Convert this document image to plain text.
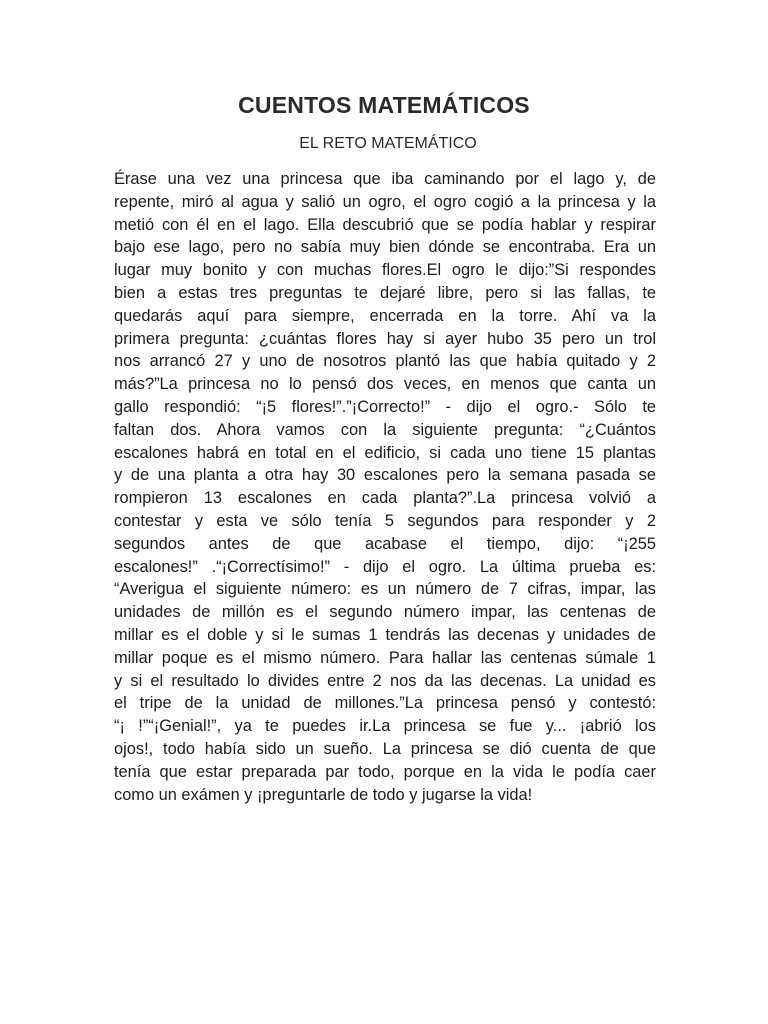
CUENTOS MATEMÁTICOS
EL RETO MATEMÁTICO
Érase una vez una princesa que iba caminando por el lago y, de
repente, miró al agua y salió un ogro, el ogro cogió a la princesa y la
metió con él en el lago. Ella descubrió que se podía hablar y respirar
bajo ese lago, pero no sabía muy bien dónde se encontraba. Era un
lugar muy bonito y con muchas flores.El ogro le dijo:”Si respondes
bien a estas tres preguntas te dejaré libre, pero si las fallas, te
quedarás aquí para siempre, encerrada en la torre. Ahí va la
primera pregunta: ¿cuántas flores hay si ayer hubo 35 pero un trol
nos arrancó 27 y uno de nosotros plantó las que había quitado y 2
más?”La princesa no lo pensó dos veces, en menos que canta un
gallo respondió: “¡5 flores!”.”¡Correcto!” - dijo el ogro.- Sólo te
faltan dos. Ahora vamos con la siguiente pregunta: “¿Cuántos
escalones habrá en total en el edificio, si cada uno tiene 15 plantas
y de una planta a otra hay 30 escalones pero la semana pasada se
rompieron 13 escalones en cada planta?”.La princesa volvió a
contestar y esta ve sólo tenía 5 segundos para responder y 2
segundos antes de que acabase el tiempo, dijo: “¡255
escalones!” .“¡Correctísimo!” - dijo el ogro. La última prueba es:
“Averigua el siguiente número: es un número de 7 cifras, impar, las
unidades de millón es el segundo número impar, las centenas de
millar es el doble y si le sumas 1 tendrás las decenas y unidades de
millar poque es el mismo número. Para hallar las centenas súmale 1
y si el resultado lo divides entre 2 nos da las decenas. La unidad es
el tripe de la unidad de millones.”La princesa pensó y contestó:
“¡ !”“¡Genial!”, ya te puedes ir.La princesa se fue y... ¡abrió los
ojos!, todo había sido un sueño. La princesa se dió cuenta de que
tenía que estar preparada par todo, porque en la vida le podía caer
como un exámen y ¡preguntarle de todo y jugarse la vida!
